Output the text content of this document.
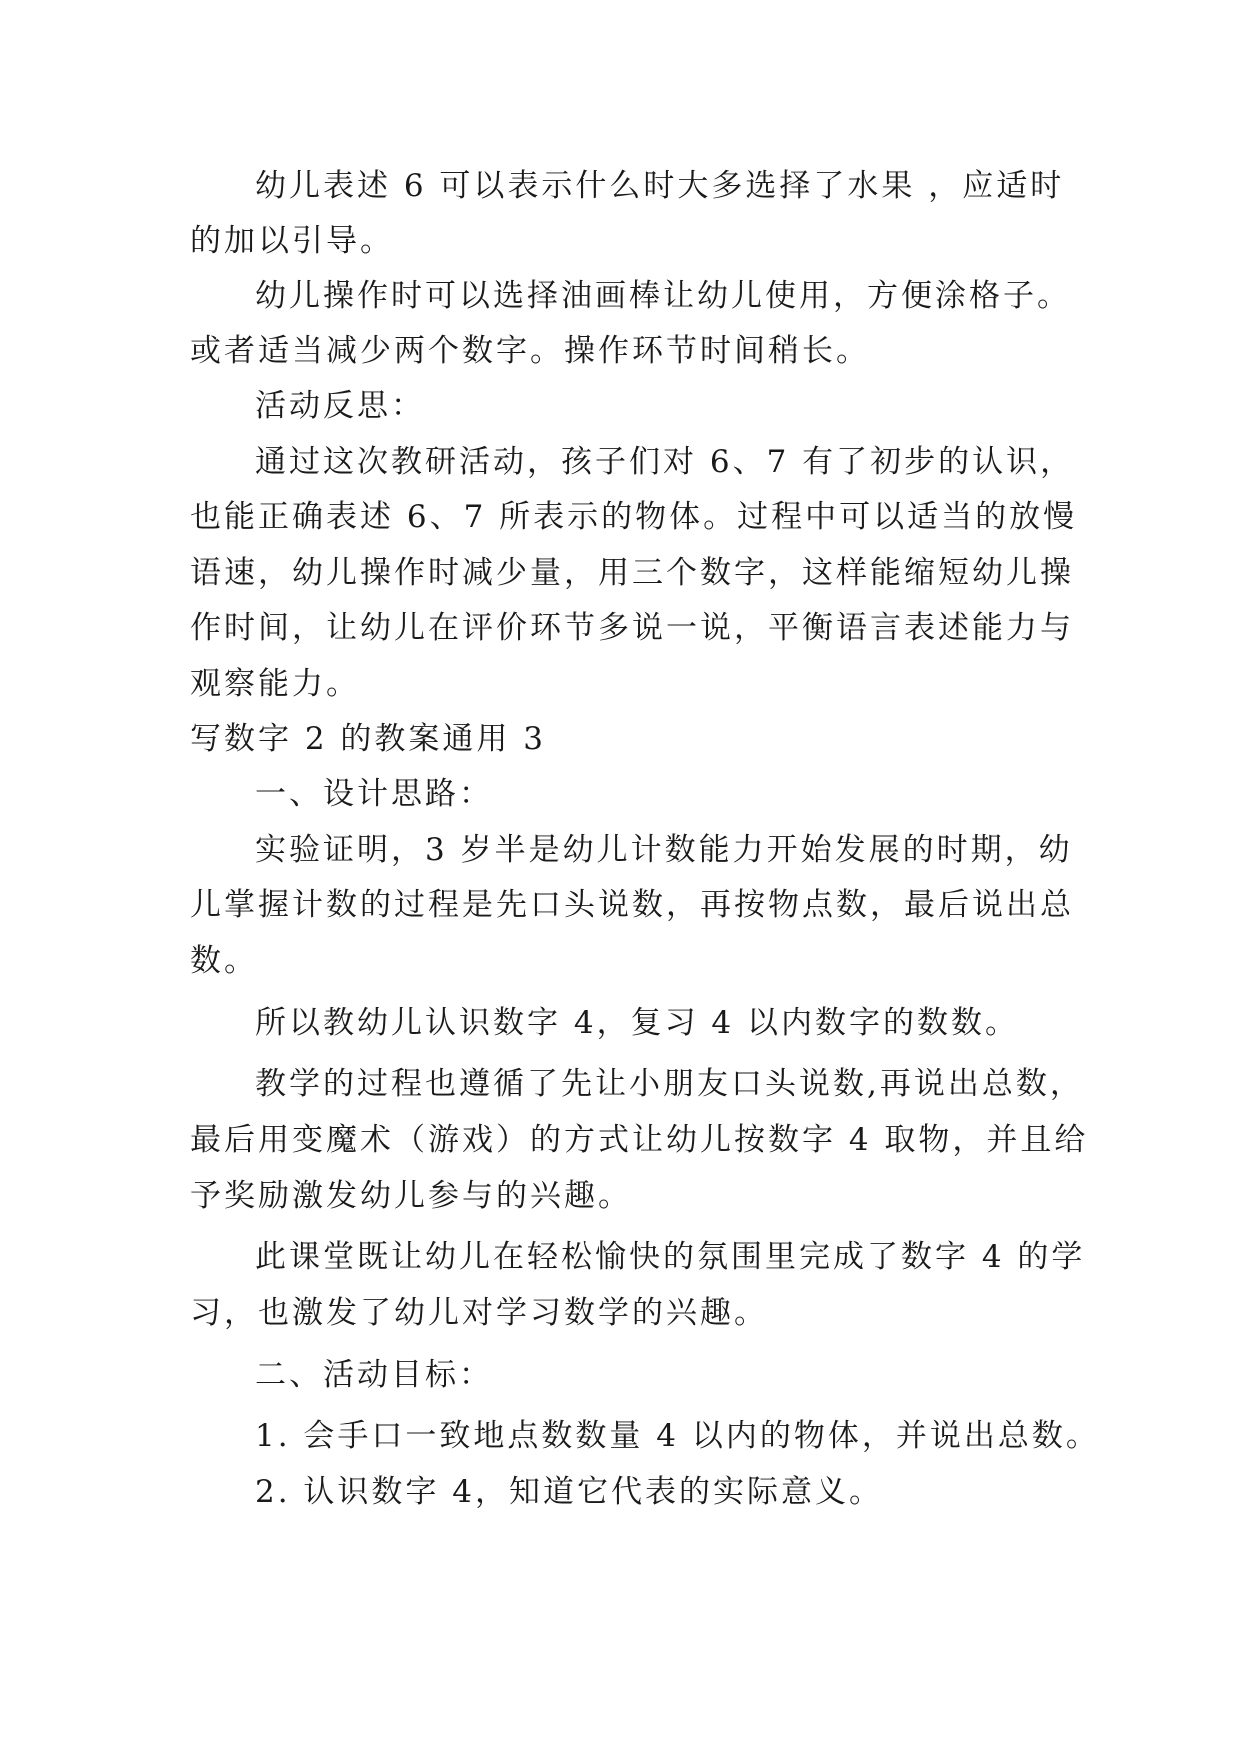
幼儿表述 6 可以表示什么时大多选择了水果 ，应适时
的加以引导。
幼儿操作时可以选择油画棒让幼儿使用，方便涂格子。
或者适当减少两个数字。操作环节时间稍长。
活动反思：
通过这次教研活动，孩子们对 6、7 有了初步的认识，
也能正确表述 6、7 所表示的物体。过程中可以适当的放慢
语速，幼儿操作时减少量，用三个数字，这样能缩短幼儿操
作时间，让幼儿在评价环节多说一说，平衡语言表述能力与
观察能力。
写数字 2 的教案通用 3
一、设计思路：
实验证明，3 岁半是幼儿计数能力开始发展的时期，幼
儿掌握计数的过程是先口头说数，再按物点数，最后说出总
数。
所以教幼儿认识数字 4，复习 4 以内数字的数数。
教学的过程也遵循了先让小朋友口头说数,再说出总数，
最后用变魔术（游戏）的方式让幼儿按数字 4 取物，并且给
予奖励激发幼儿参与的兴趣。
此课堂既让幼儿在轻松愉快的氛围里完成了数字 4 的学
习，也激发了幼儿对学习数学的兴趣。
二、活动目标：
1. 会手口一致地点数数量 4 以内的物体，并说出总数。
2. 认识数字 4，知道它代表的实际意义。
